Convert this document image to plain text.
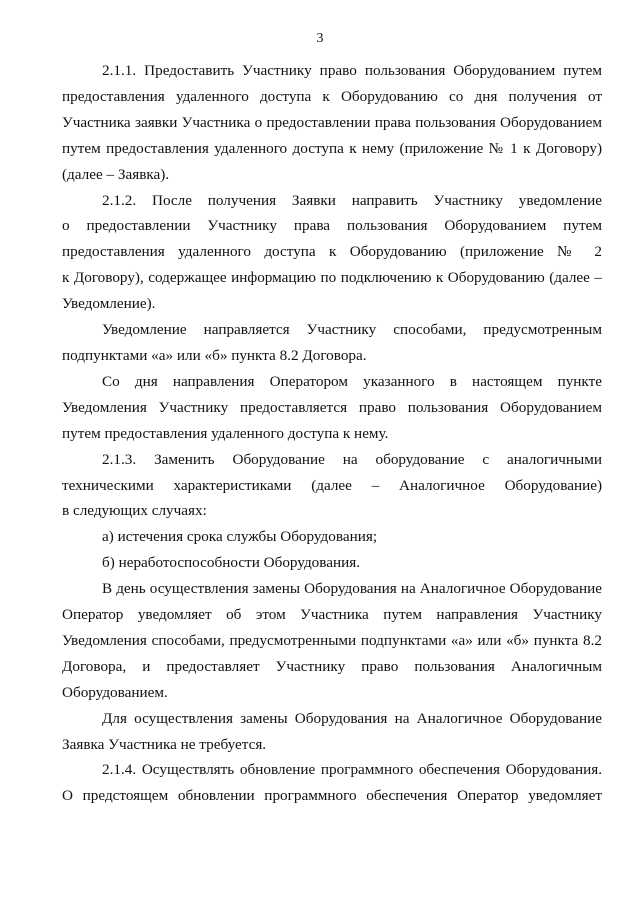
3
2.1.1. Предоставить Участнику право пользования Оборудованием путем
предоставления удаленного доступа к Оборудованию со дня получения от
Участника заявки Участника о предоставлении права пользования Оборудованием
путем предоставления удаленного доступа к нему (приложение № 1 к Договору)
(далее – Заявка).
2.1.2. После получения Заявки направить Участнику уведомление
о предоставлении Участнику права пользования Оборудованием путем
предоставления удаленного доступа к Оборудованию (приложение № 2
к Договору), содержащее информацию по подключению к Оборудованию (далее –
Уведомление).
Уведомление направляется Участнику способами, предусмотренным
подпунктами «а» или «б» пункта 8.2 Договора.
Со дня направления Оператором указанного в настоящем пункте
Уведомления Участнику предоставляется право пользования Оборудованием
путем предоставления удаленного доступа к нему.
2.1.3. Заменить Оборудование на оборудование с аналогичными
техническими характеристиками (далее – Аналогичное Оборудование)
в следующих случаях:
а) истечения срока службы Оборудования;
б) неработоспособности Оборудования.
В день осуществления замены Оборудования на Аналогичное Оборудование
Оператор уведомляет об этом Участника путем направления Участнику
Уведомления способами, предусмотренными подпунктами «а» или «б» пункта 8.2
Договора, и предоставляет Участнику право пользования Аналогичным
Оборудованием.
Для осуществления замены Оборудования на Аналогичное Оборудование
Заявка Участника не требуется.
2.1.4. Осуществлять обновление программного обеспечения Оборудования.
О предстоящем обновлении программного обеспечения Оператор уведомляет
